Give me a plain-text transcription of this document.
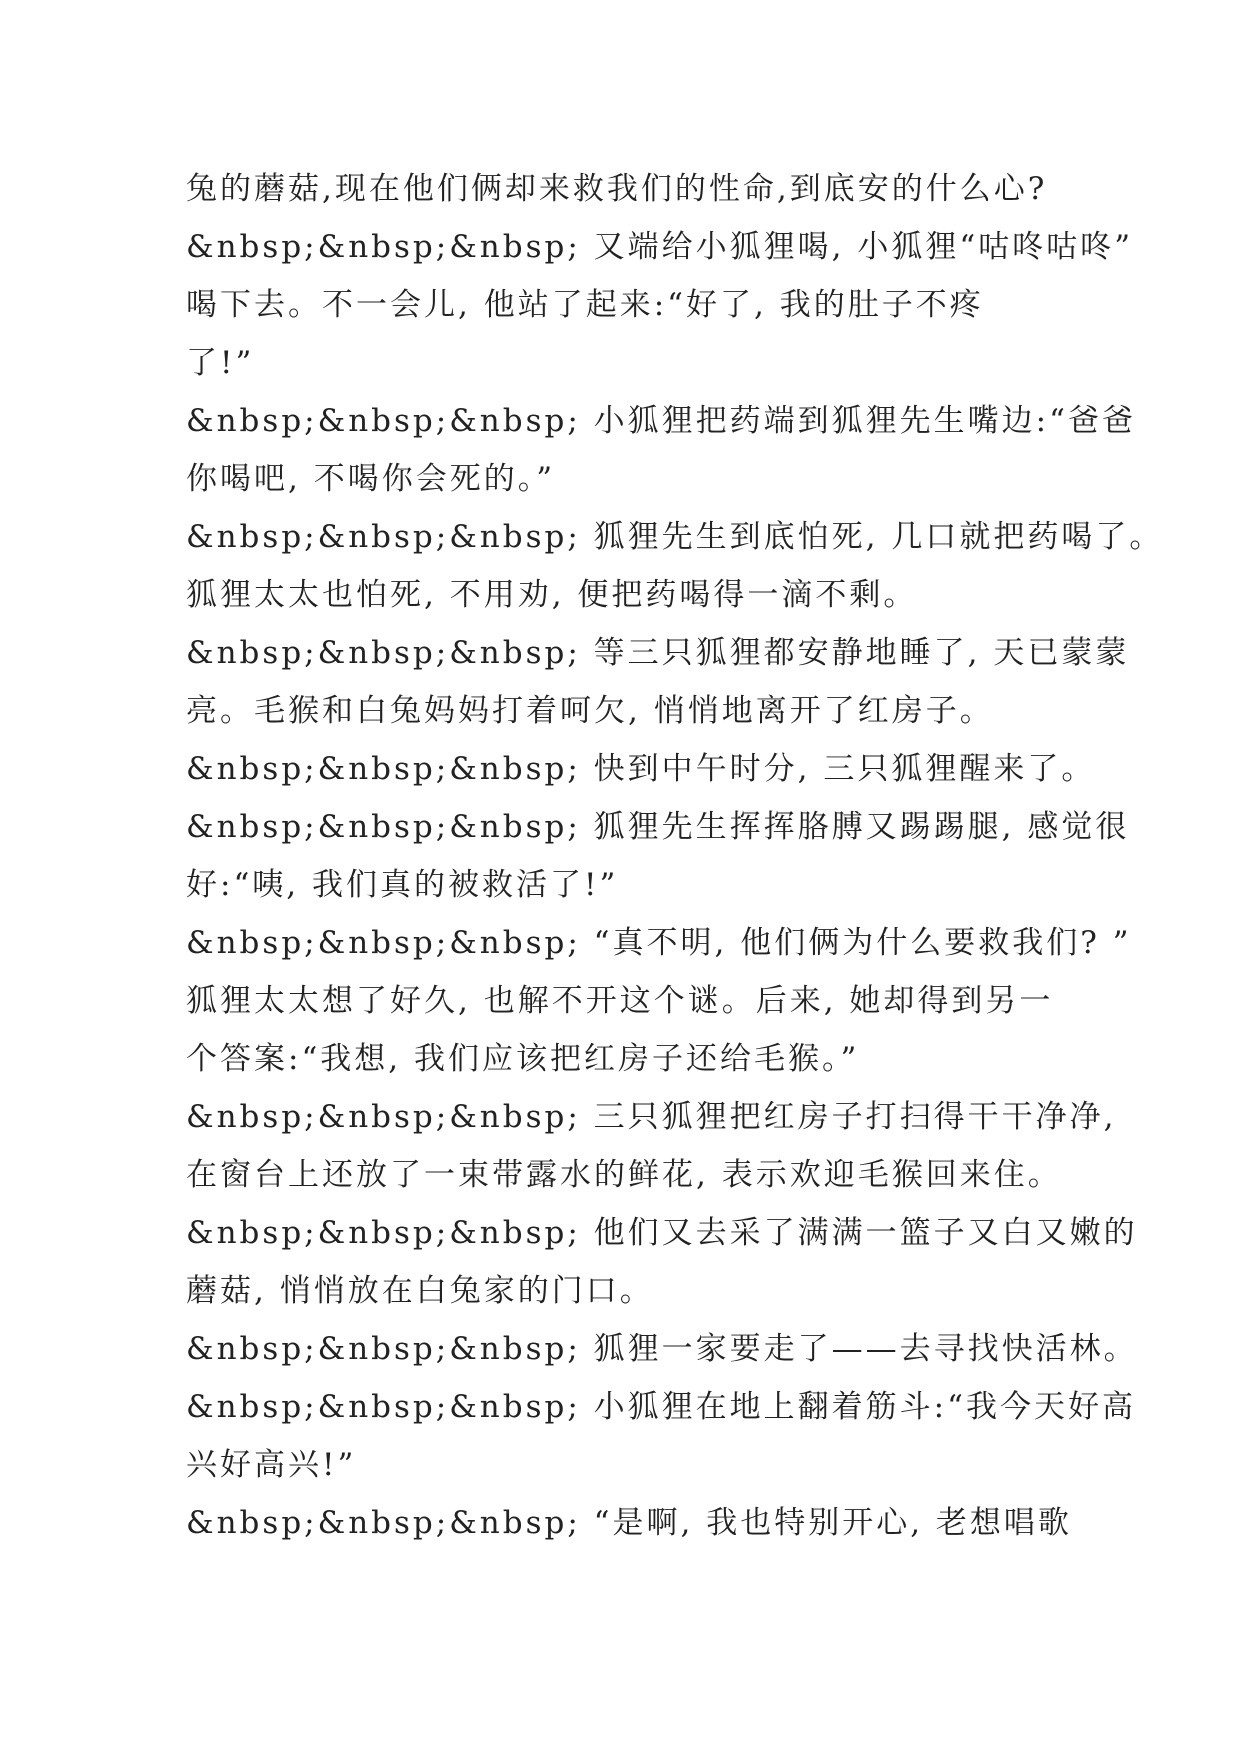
兔的蘑菇,现在他们俩却来救我们的性命,到底安的什么心?
&nbsp;&nbsp;&nbsp; 又端给小狐狸喝, 小狐狸“咕咚咕咚”
喝下去。不一会儿, 他站了起来:“好了, 我的肚子不疼
了!”
&nbsp;&nbsp;&nbsp; 小狐狸把药端到狐狸先生嘴边:“爸爸
你喝吧, 不喝你会死的。”
&nbsp;&nbsp;&nbsp; 狐狸先生到底怕死, 几口就把药喝了。
狐狸太太也怕死, 不用劝, 便把药喝得一滴不剩。
&nbsp;&nbsp;&nbsp; 等三只狐狸都安静地睡了, 天已蒙蒙
亮。毛猴和白兔妈妈打着呵欠, 悄悄地离开了红房子。
&nbsp;&nbsp;&nbsp; 快到中午时分, 三只狐狸醒来了。
&nbsp;&nbsp;&nbsp; 狐狸先生挥挥胳膊又踢踢腿, 感觉很
好:“咦, 我们真的被救活了!”
&nbsp;&nbsp;&nbsp; “真不明, 他们俩为什么要救我们? ”
狐狸太太想了好久, 也解不开这个谜。后来, 她却得到另一
个答案:“我想, 我们应该把红房子还给毛猴。”
&nbsp;&nbsp;&nbsp; 三只狐狸把红房子打扫得干干净净,
在窗台上还放了一束带露水的鲜花, 表示欢迎毛猴回来住。
&nbsp;&nbsp;&nbsp; 他们又去采了满满一篮子又白又嫩的
蘑菇, 悄悄放在白兔家的门口。
&nbsp;&nbsp;&nbsp; 狐狸一家要走了——去寻找快活林。
&nbsp;&nbsp;&nbsp; 小狐狸在地上翻着筋斗:“我今天好高
兴好高兴!”
&nbsp;&nbsp;&nbsp; “是啊, 我也特别开心, 老想唱歌
